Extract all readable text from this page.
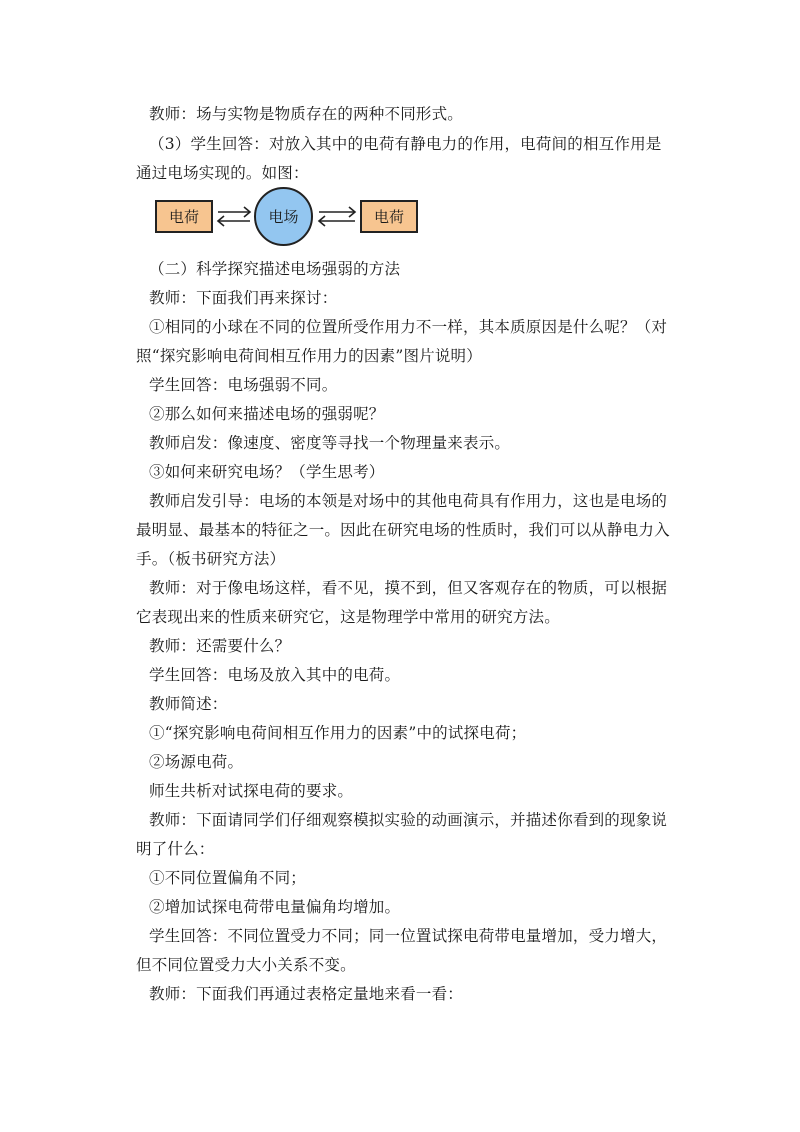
教师：场与实物是物质存在的两种不同形式。
（3）学生回答：对放入其中的电荷有静电力的作用，电荷间的相互作用是通过电场实现的。如图：
电荷	电场	电荷
（二）科学探究描述电场强弱的方法
教师：下面我们再来探讨：
①相同的小球在不同的位置所受作用力不一样，其本质原因是什么呢？（对照“探究影响电荷间相互作用力的因素”图片说明）
学生回答：电场强弱不同。
②那么如何来描述电场的强弱呢？
教师启发：像速度、密度等寻找一个物理量来表示。
③如何来研究电场？（学生思考）
教师启发引导：电场的本领是对场中的其他电荷具有作用力，这也是电场的最明显、最基本的特征之一。因此在研究电场的性质时，我们可以从静电力入手。（板书研究方法）
教师：对于像电场这样，看不见，摸不到，但又客观存在的物质，可以根据它表现出来的性质来研究它，这是物理学中常用的研究方法。
教师：还需要什么？
学生回答：电场及放入其中的电荷。
教师简述：
①“探究影响电荷间相互作用力的因素”中的试探电荷；
②场源电荷。
师生共析对试探电荷的要求。
教师：下面请同学们仔细观察模拟实验的动画演示，并描述你看到的现象说明了什么：
①不同位置偏角不同；
②增加试探电荷带电量偏角均增加。
学生回答：不同位置受力不同；同一位置试探电荷带电量增加，受力增大，但不同位置受力大小关系不变。
教师：下面我们再通过表格定量地来看一看：
